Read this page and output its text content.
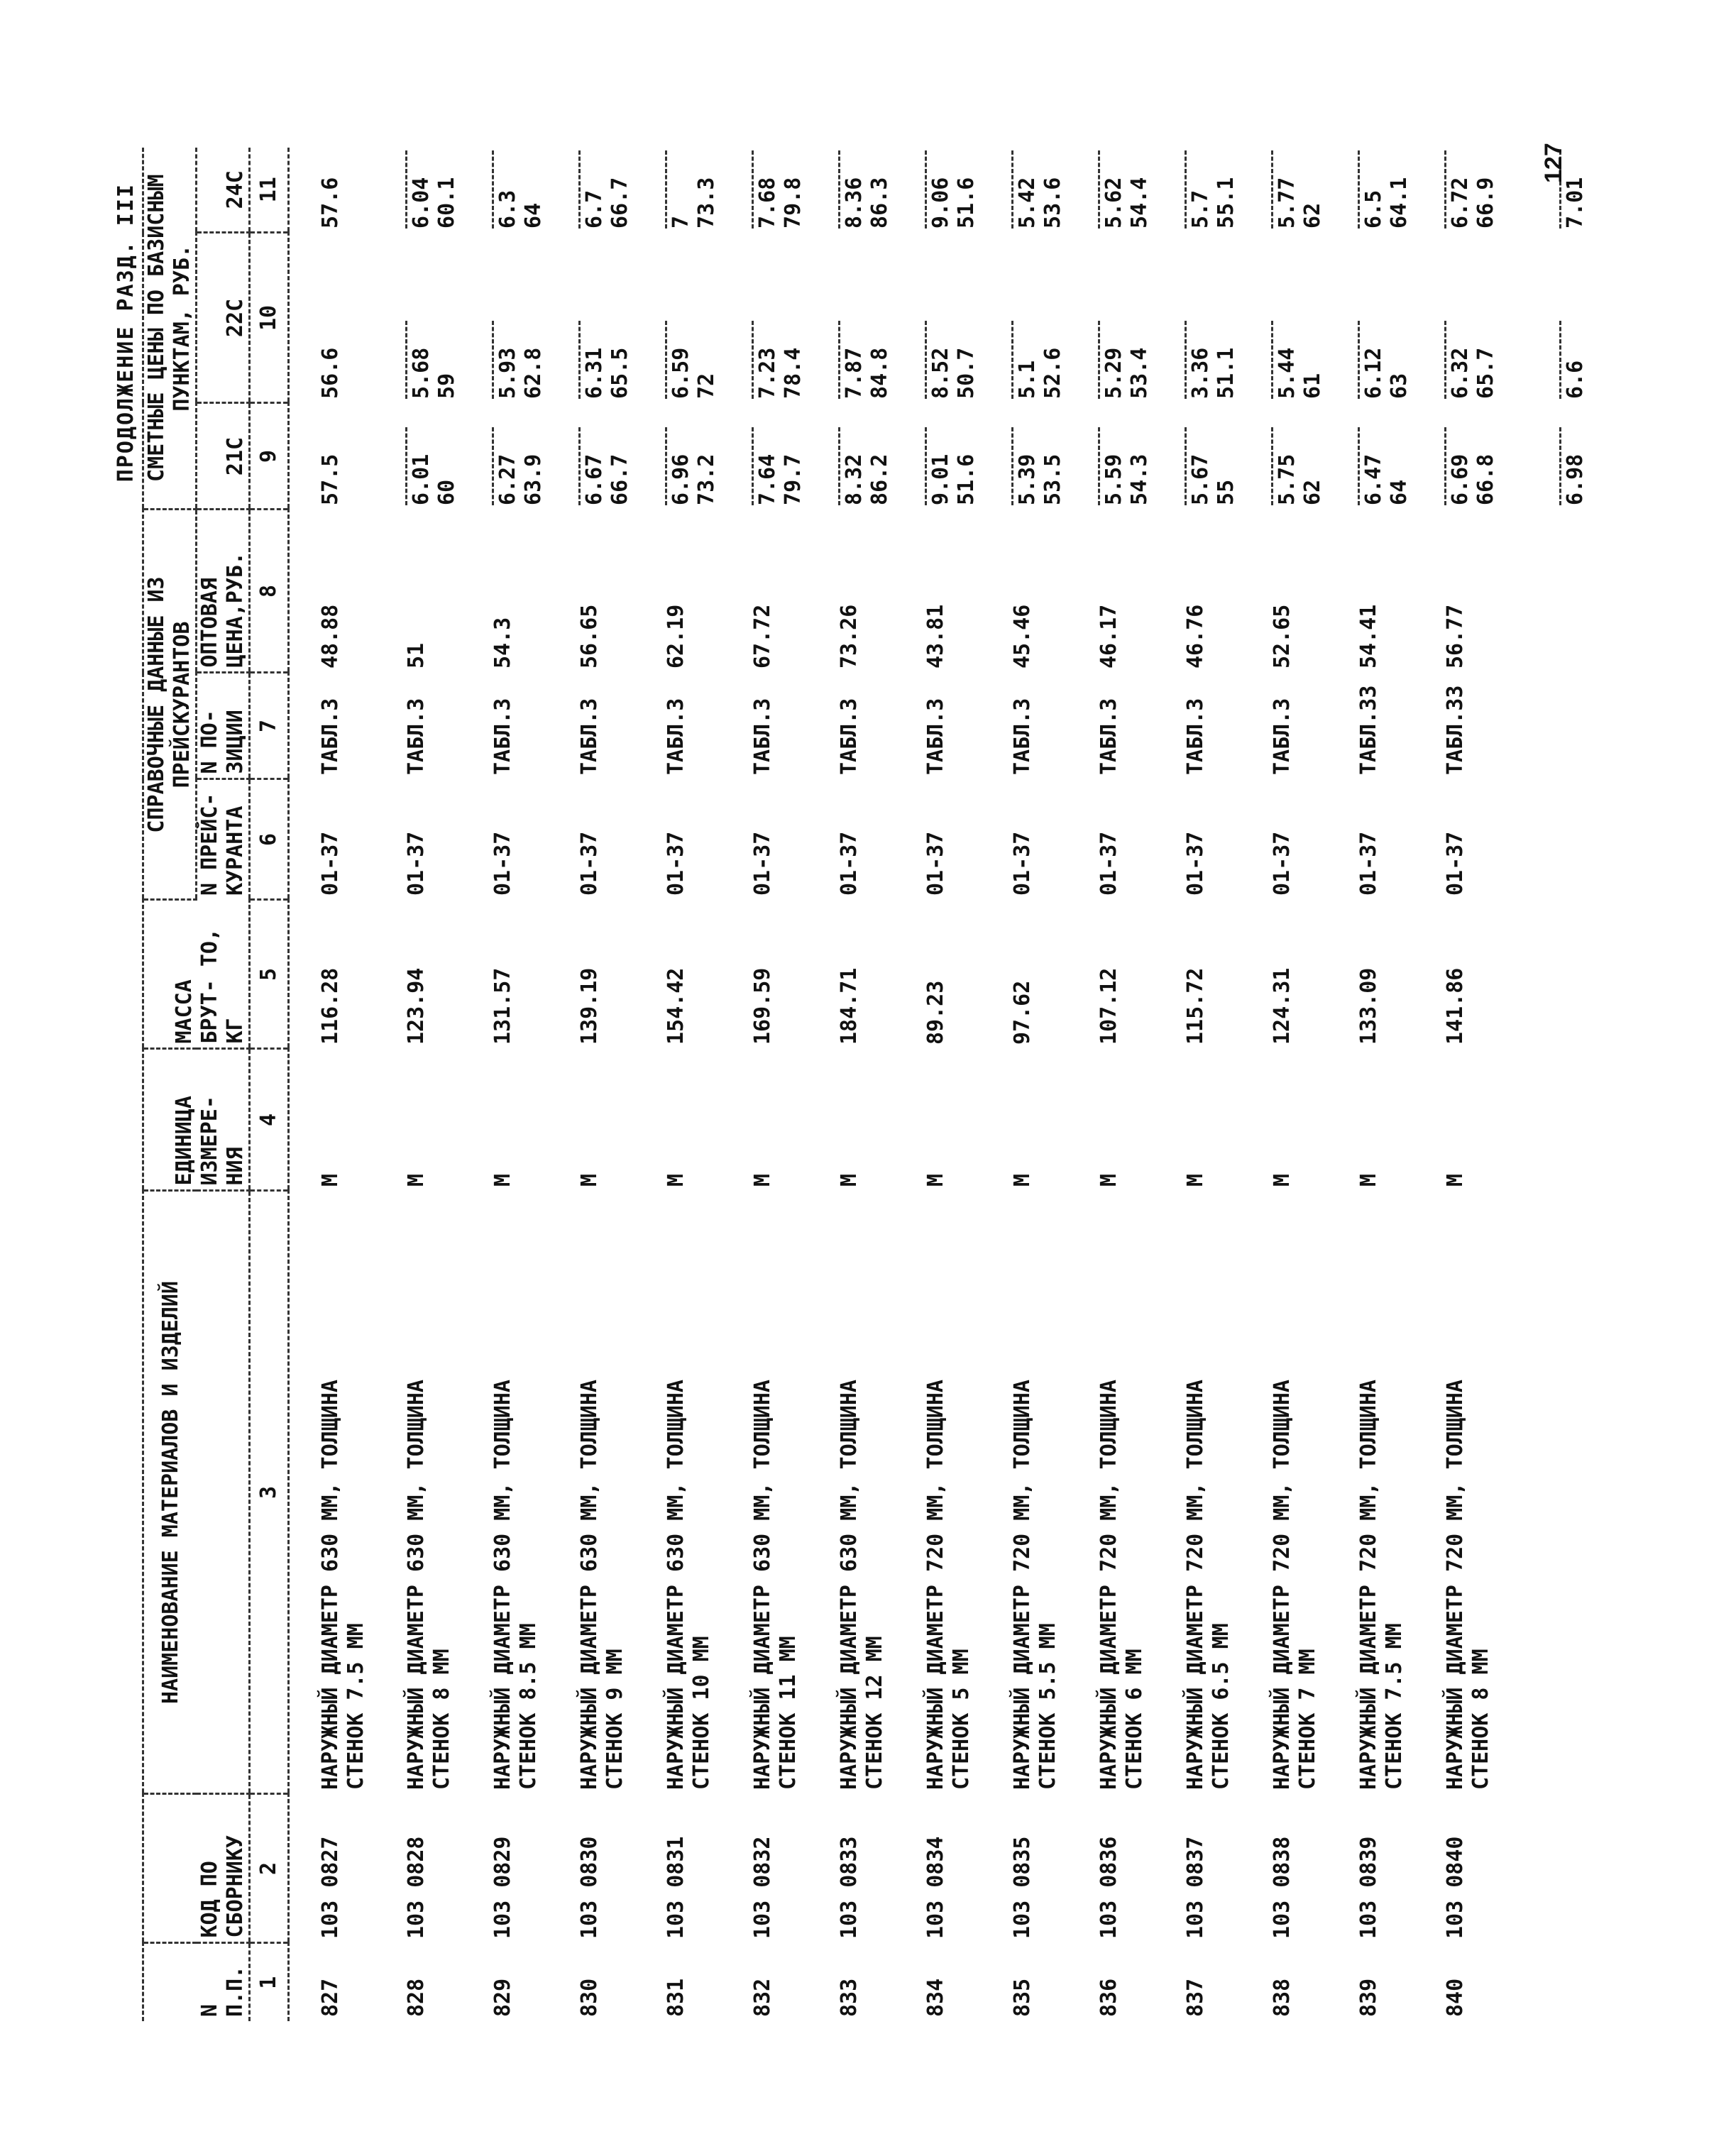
ПРОДОЛЖЕНИЕ РАЗД. III
N П.П.	КОД ПО СБОРНИКУ	НАИМЕНОВАНИЕ МАТЕРИАЛОВ И ИЗДЕЛИЙ	ЕДИНИЦА ИЗМЕРЕ- НИЯ	МАССА БРУТ- ТО, КГ	СПРАВОЧНЫЕ ДАННЫЕ ИЗ ПРЕЙСКУРАНТОВ			СМЕТНЫЕ ЦЕНЫ ПО БАЗИСНЫМ ПУНКТАМ, РУБ.		
					N ПРЕЙС- КУРАНТА	N ПО- ЗИЦИИ	ОПТОВАЯ ЦЕНА,РУБ.	21С	22С	24С
1	2	3	4	5	6	7	8	9	10	11
827	103 0827	НАРУЖНЫЙ ДИАМЕТР 630 ММ, ТОЛЩИНА СТЕНОК 7.5 ММ	М	116.28	01-37	ТАБЛ.3	48.88	57.5	56.6	57.6

828	103 0828	НАРУЖНЫЙ ДИАМЕТР 630 ММ, ТОЛЩИНА СТЕНОК 8 ММ	М	123.94	01-37	ТАБЛ.3	51	6.01 60	5.68 59	6.04 60.1

829	103 0829	НАРУЖНЫЙ ДИАМЕТР 630 ММ, ТОЛЩИНА СТЕНОК 8.5 ММ	М	131.57	01-37	ТАБЛ.3	54.3	6.27 63.9	5.93 62.8	6.3 64

830	103 0830	НАРУЖНЫЙ ДИАМЕТР 630 ММ, ТОЛЩИНА СТЕНОК 9 ММ	М	139.19	01-37	ТАБЛ.3	56.65	6.67 66.7	6.31 65.5	6.7 66.7

831	103 0831	НАРУЖНЫЙ ДИАМЕТР 630 ММ, ТОЛЩИНА СТЕНОК 10 ММ	М	154.42	01-37	ТАБЛ.3	62.19	6.96 73.2	6.59 72	7 73.3

832	103 0832	НАРУЖНЫЙ ДИАМЕТР 630 ММ, ТОЛЩИНА СТЕНОК 11 ММ	М	169.59	01-37	ТАБЛ.3	67.72	7.64 79.7	7.23 78.4	7.68 79.8

833	103 0833	НАРУЖНЫЙ ДИАМЕТР 630 ММ, ТОЛЩИНА СТЕНОК 12 ММ	М	184.71	01-37	ТАБЛ.3	73.26	8.32 86.2	7.87 84.8	8.36 86.3

834	103 0834	НАРУЖНЫЙ ДИАМЕТР 720 ММ, ТОЛЩИНА СТЕНОК 5 ММ	М	89.23	01-37	ТАБЛ.3	43.81	9.01 51.6	8.52 50.7	9.06 51.6

835	103 0835	НАРУЖНЫЙ ДИАМЕТР 720 ММ, ТОЛЩИНА СТЕНОК 5.5 ММ	М	97.62	01-37	ТАБЛ.3	45.46	5.39 53.5	5.1 52.6	5.42 53.6

836	103 0836	НАРУЖНЫЙ ДИАМЕТР 720 ММ, ТОЛЩИНА СТЕНОК 6 ММ	М	107.12	01-37	ТАБЛ.3	46.17	5.59 54.3	5.29 53.4	5.62 54.4

837	103 0837	НАРУЖНЫЙ ДИАМЕТР 720 ММ, ТОЛЩИНА СТЕНОК 6.5 ММ	М	115.72	01-37	ТАБЛ.3	46.76	5.67 55	3.36 51.1	5.7 55.1

838	103 0838	НАРУЖНЫЙ ДИАМЕТР 720 ММ, ТОЛЩИНА СТЕНОК 7 ММ	М	124.31	01-37	ТАБЛ.3	52.65	5.75 62	5.44 61	5.77 62

839	103 0839	НАРУЖНЫЙ ДИАМЕТР 720 ММ, ТОЛЩИНА СТЕНОК 7.5 ММ	М	133.09	01-37	ТАБЛ.33	54.41	6.47 64	6.12 63	6.5 64.1

840	103 0840	НАРУЖНЫЙ ДИАМЕТР 720 ММ, ТОЛЩИНА СТЕНОК 8 ММ	М	141.86	01-37	ТАБЛ.33	56.77	6.69 66.8	6.32 65.7	6.72 66.9

								6.98	6.6	7.01
127
